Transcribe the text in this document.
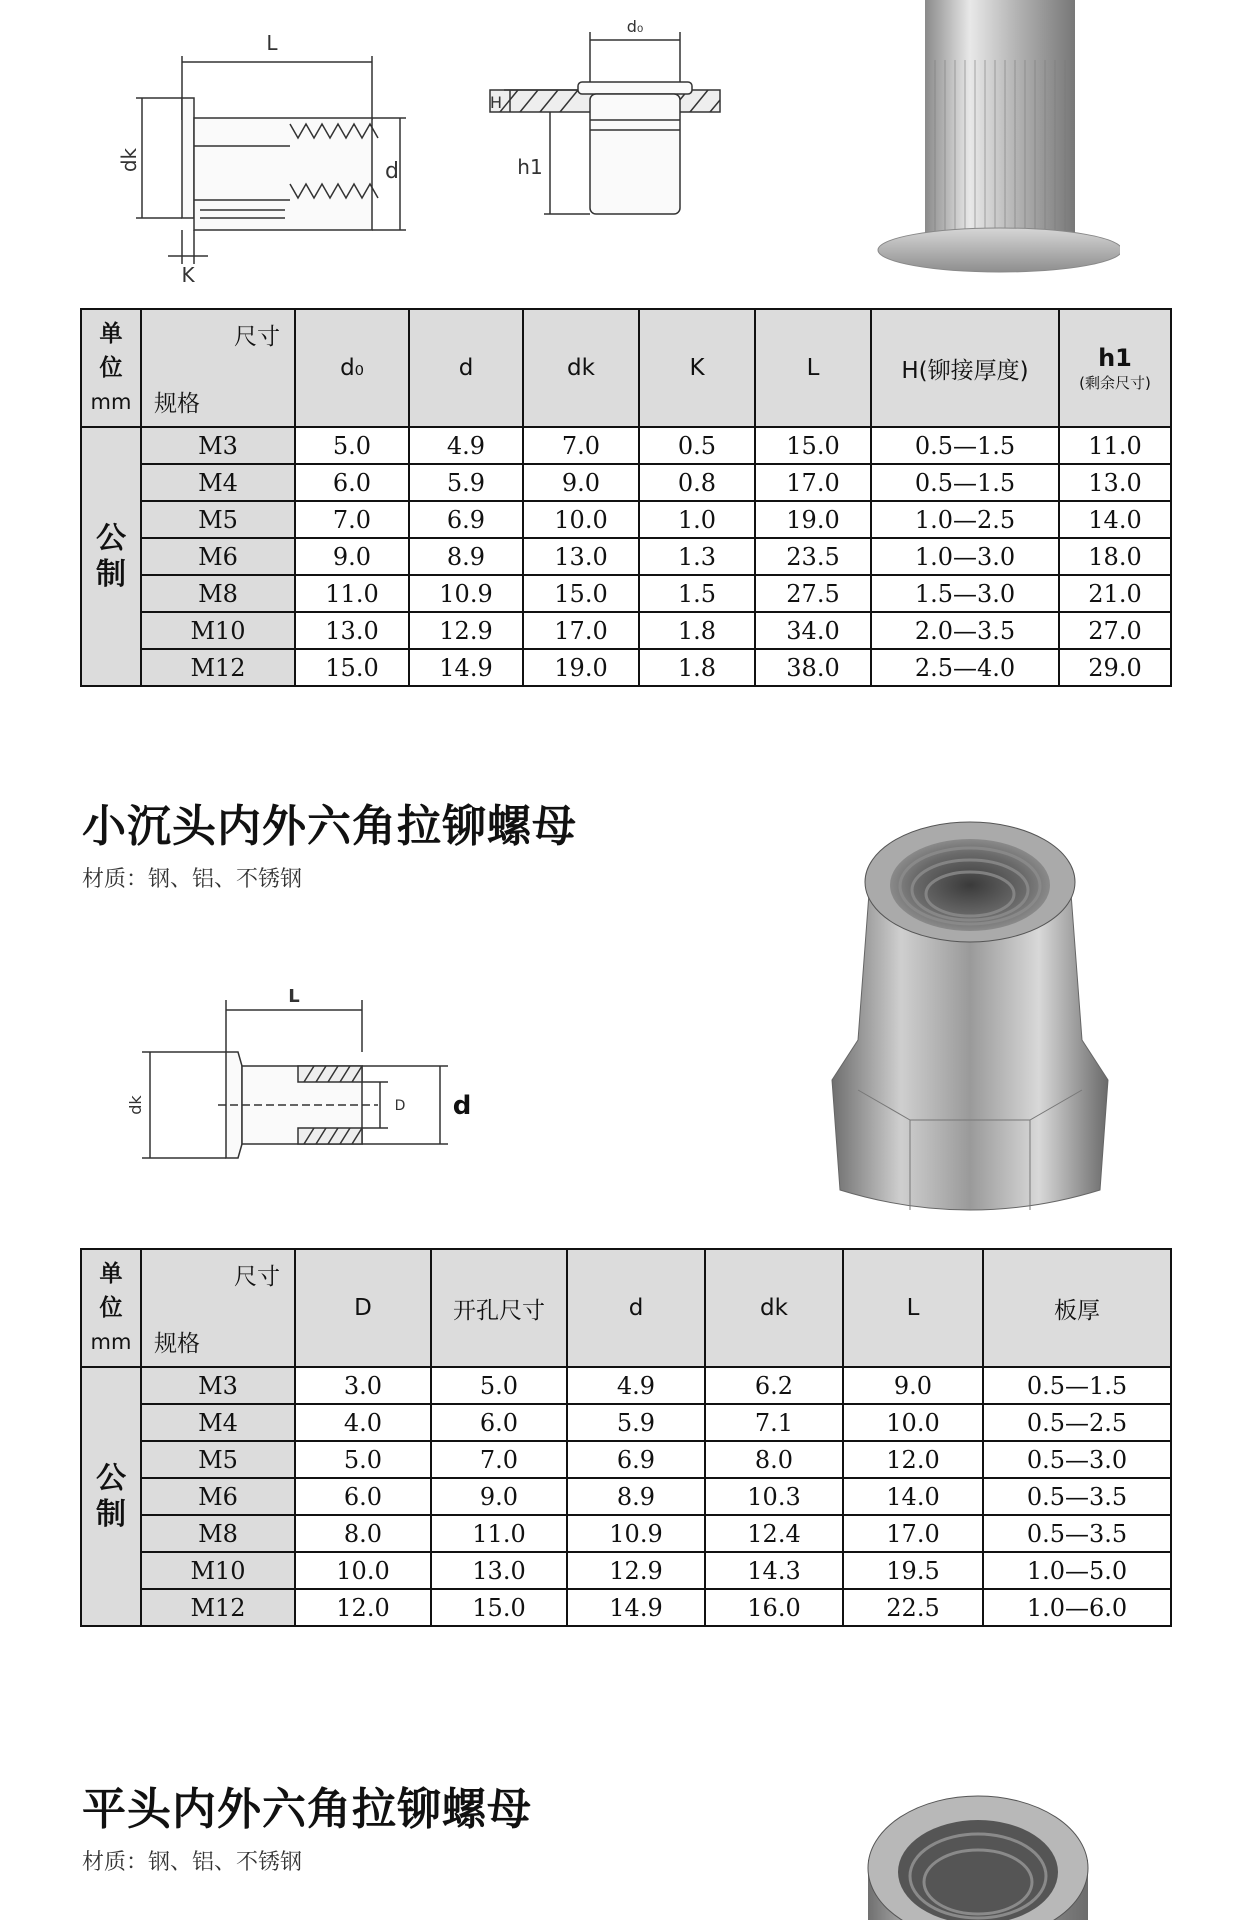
L
dk	d
K
d₀
H
h1
单位
mm	尺寸
规格	d₀	d	dk	K	L	H(铆接厚度)	h1
(剩余尺寸)

公制	M3	5.0	4.9	7.0	0.5	15.0	0.5—1.5	11.0
	M4	6.0	5.9	9.0	0.8	17.0	0.5—1.5	13.0
	M5	7.0	6.9	10.0	1.0	19.0	1.0—2.5	14.0
	M6	9.0	8.9	13.0	1.3	23.5	1.0—3.0	18.0
	M8	11.0	10.9	15.0	1.5	27.5	1.5—3.0	21.0
	M10	13.0	12.9	17.0	1.8	34.0	2.0—3.5	27.0
	M12	15.0	14.9	19.0	1.8	38.0	2.5—4.0	29.0
小沉头内外六角拉铆螺母
材质：钢、铝、不锈钢
L
dk	D d
单位
mm	尺寸
规格	D	开孔尺寸	d	dk	L	板厚

公制	M3	3.0	5.0	4.9	6.2	9.0	0.5—1.5
	M4	4.0	6.0	5.9	7.1	10.0	0.5—2.5
	M5	5.0	7.0	6.9	8.0	12.0	0.5—3.0
	M6	6.0	9.0	8.9	10.3	14.0	0.5—3.5
	M8	8.0	11.0	10.9	12.4	17.0	0.5—3.5
	M10	10.0	13.0	12.9	14.3	19.5	1.0—5.0
	M12	12.0	15.0	14.9	16.0	22.5	1.0—6.0
平头内外六角拉铆螺母
材质：钢、铝、不锈钢
